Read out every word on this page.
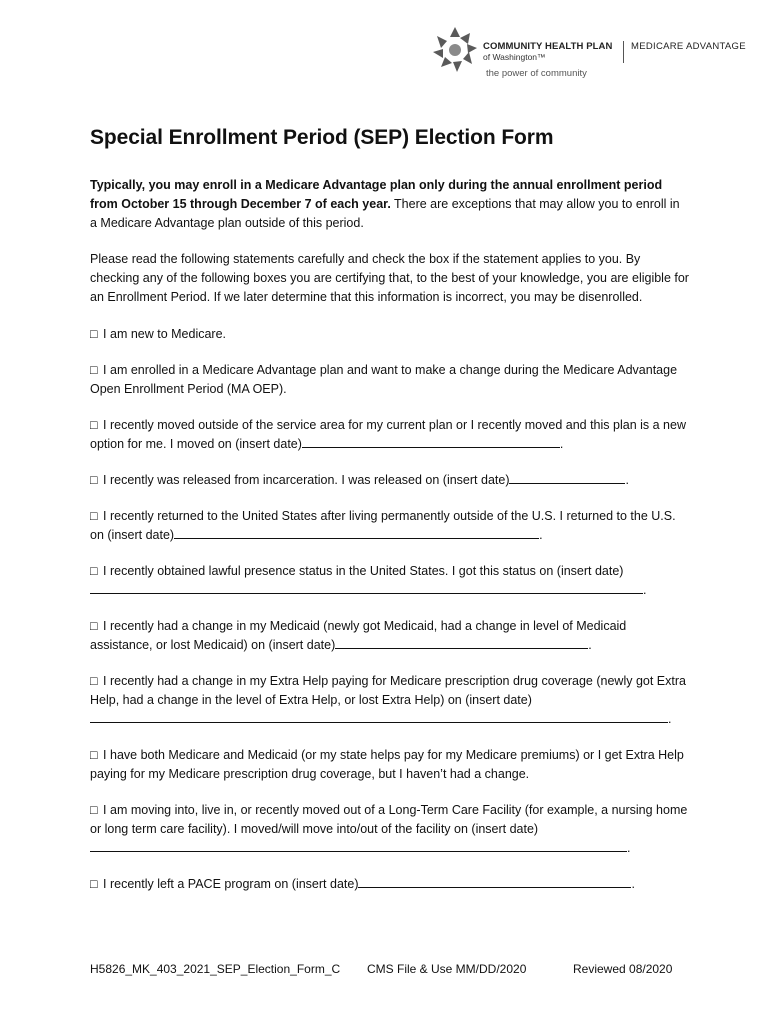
COMMUNITY HEALTH PLAN
of Washington™
MEDICARE ADVANTAGE
the power of community
Special Enrollment Period (SEP) Election Form

Typically, you may enroll in a Medicare Advantage plan only during the annual enrollment period from October 15 through December 7 of each year. There are exceptions that may allow you to enroll in a Medicare Advantage plan outside of this period.

Please read the following statements carefully and check the box if the statement applies to you. By checking any of the following boxes you are certifying that, to the best of your knowledge, you are eligible for an Enrollment Period. If we later determine that this information is incorrect, you may be disenrolled.

□ I am new to Medicare.

□ I am enrolled in a Medicare Advantage plan and want to make a change during the Medicare Advantage Open Enrollment Period (MA OEP).

□ I recently moved outside of the service area for my current plan or I recently moved and this plan is a new option for me. I moved on (insert date)	.

□ I recently was released from incarceration. I was released on (insert date)	.

□ I recently returned to the United States after living permanently outside of the U.S. I returned to the U.S. on (insert date)	.

□ I recently obtained lawful presence status in the United States. I got this status on (insert date).

□ I recently had a change in my Medicaid (newly got Medicaid, had a change in level of Medicaid assistance, or lost Medicaid) on (insert date)	.

□ I recently had a change in my Extra Help paying for Medicare prescription drug coverage (newly got Extra Help, had a change in the level of Extra Help, or lost Extra Help) on (insert date)
.

□ I have both Medicare and Medicaid (or my state helps pay for my Medicare premiums) or I get Extra Help paying for my Medicare prescription drug coverage, but I haven’t had a change.

□ I am moving into, live in, or recently moved out of a Long-Term Care Facility (for example, a nursing home or long term care facility). I moved/will move into/out of the facility on (insert date).

□ I recently left a PACE program on (insert date)	.

H5826_MK_403_2021_SEP_Election_Form_C CMS File & Use MM/DD/2020	Reviewed 08/2020
